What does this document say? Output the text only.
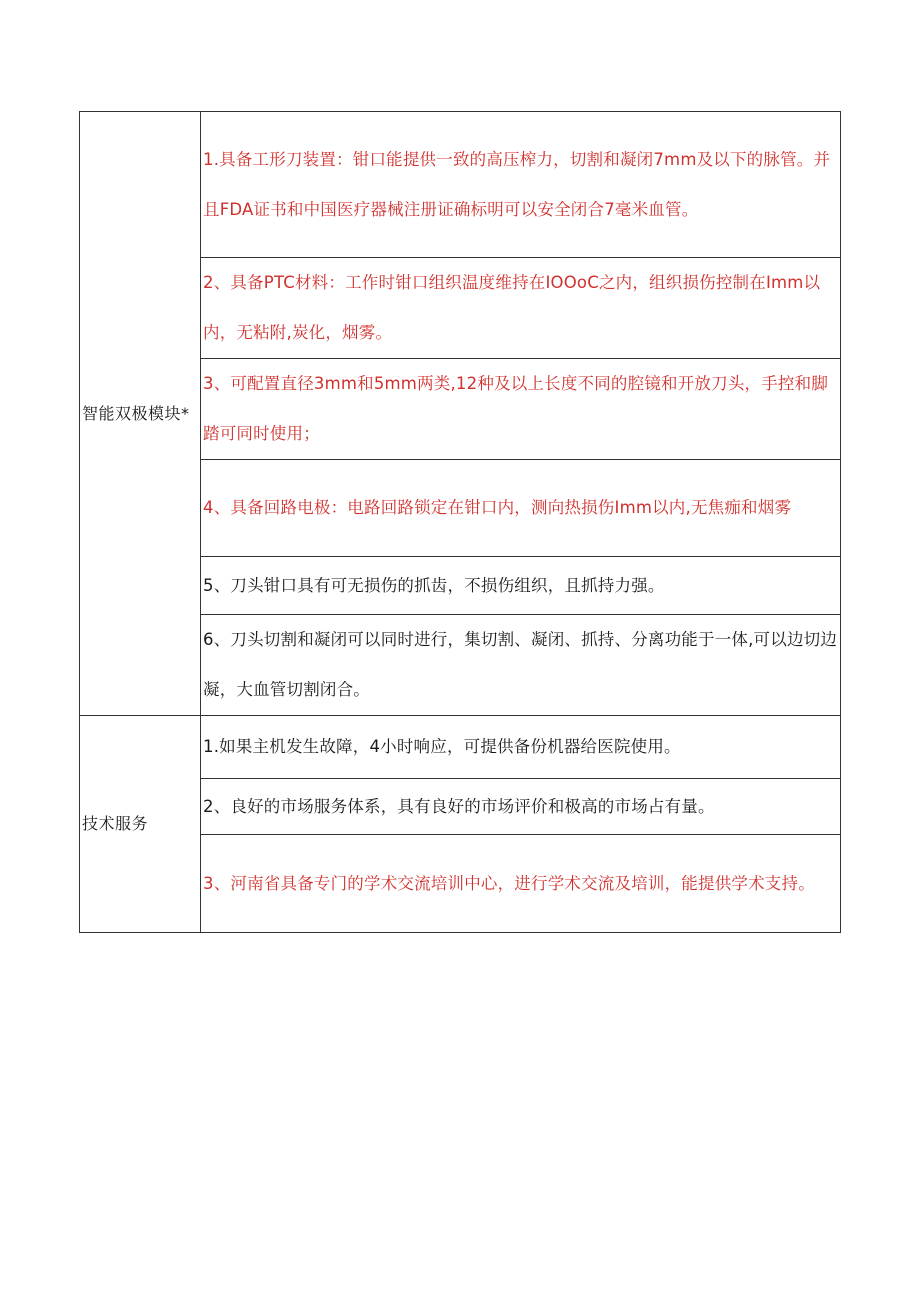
智能双极模块*	1.具备工形刀装置：钳口能提供一致的高压榨力，切割和凝闭7mm及以下的脉管。并且FDA证书和中国医疗器械注册证确标明可以安全闭合7毫米血管。
	2、具备PTC材料：工作时钳口组织温度维持在IOOoC之内，组织损伤控制在Imm以内，无粘附,炭化，烟雾。
	3、可配置直径3mm和5mm两类,12种及以上长度不同的腔镜和开放刀头，手控和脚踏可同时使用；
	4、具备回路电极：电路回路锁定在钳口内，测向热损伤Imm以内,无焦痂和烟雾
	5、刀头钳口具有可无损伤的抓齿，不损伤组织，且抓持力强。
	6、刀头切割和凝闭可以同时进行，集切割、凝闭、抓持、分离功能于一体,可以边切边凝，大血管切割闭合。
技术服务	1.如果主机发生故障，4小时响应，可提供备份机器给医院使用。
	2、良好的市场服务体系，具有良好的市场评价和极高的市场占有量。
	3、河南省具备专门的学术交流培训中心，进行学术交流及培训，能提供学术支持。
